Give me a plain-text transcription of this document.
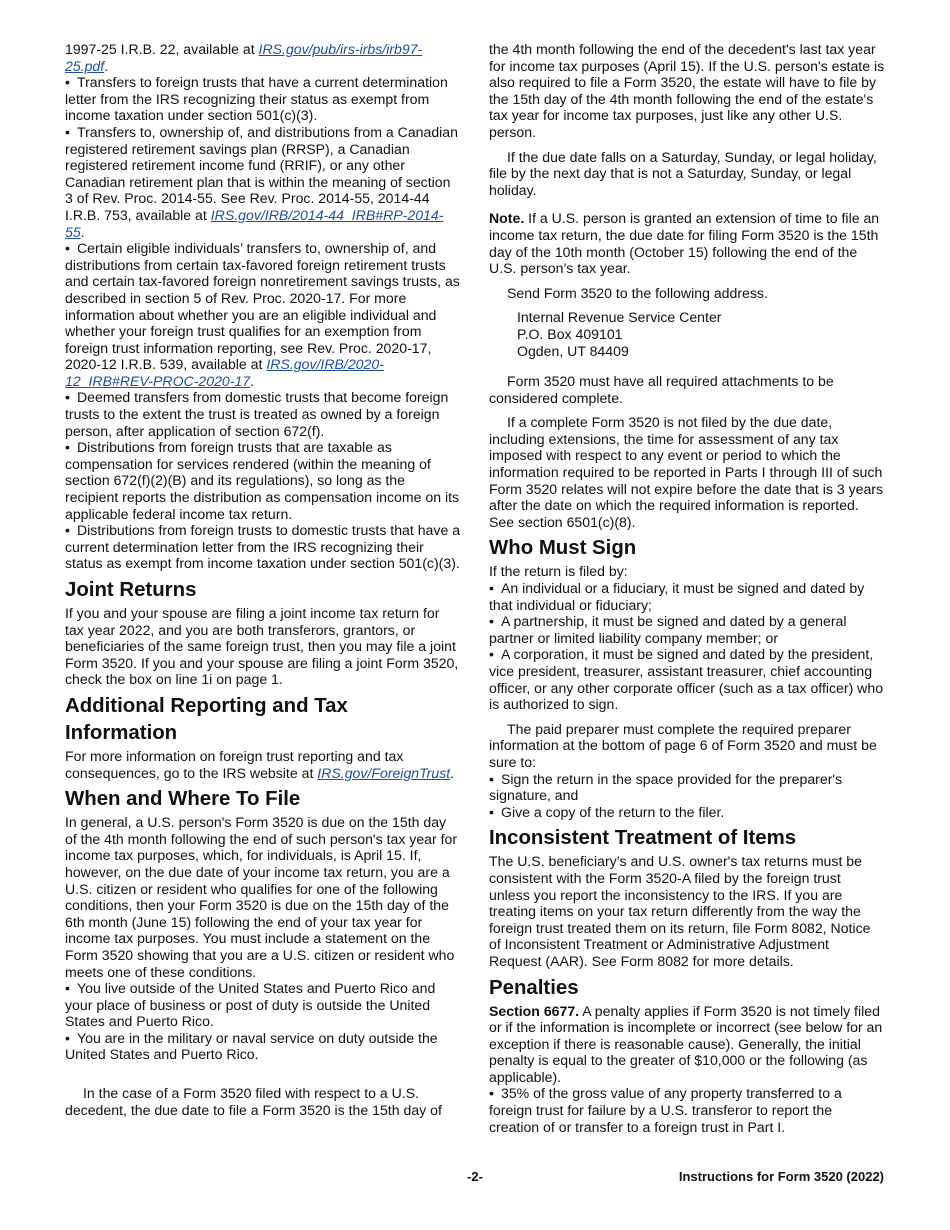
1997-25 I.R.B. 22, available at IRS.gov/pub/irs-irbs/irb97-25.pdf.

• Transfers to foreign trusts that have a current determination letter from the IRS recognizing their status as exempt from income taxation under section 501(c)(3).

• Transfers to, ownership of, and distributions from a Canadian registered retirement savings plan (RRSP), a Canadian registered retirement income fund (RRIF), or any other Canadian retirement plan that is within the meaning of section 3 of Rev. Proc. 2014-55. See Rev. Proc. 2014-55, 2014-44 I.R.B. 753, available at IRS.gov/IRB/2014-44_IRB#RP-2014-55.

• Certain eligible individuals’ transfers to, ownership of, and distributions from certain tax-favored foreign retirement trusts and certain tax-favored foreign nonretirement savings trusts, as described in section 5 of Rev. Proc. 2020-17. For more information about whether you are an eligible individual and whether your foreign trust qualifies for an exemption from foreign trust information reporting, see Rev. Proc. 2020-17, 2020-12 I.R.B. 539, available at IRS.gov/IRB/2020-12_IRB#REV-PROC-2020-17.

• Deemed transfers from domestic trusts that become foreign trusts to the extent the trust is treated as owned by a foreign person, after application of section 672(f).

• Distributions from foreign trusts that are taxable as compensation for services rendered (within the meaning of section 672(f)(2)(B) and its regulations), so long as the recipient reports the distribution as compensation income on its applicable federal income tax return.

• Distributions from foreign trusts to domestic trusts that have a current determination letter from the IRS recognizing their status as exempt from income taxation under section 501(c)(3).

Joint Returns

If you and your spouse are filing a joint income tax return for tax year 2022, and you are both transferors, grantors, or beneficiaries of the same foreign trust, then you may file a joint Form 3520. If you and your spouse are filing a joint Form 3520, check the box on line 1i on page 1.

Additional Reporting and Tax Information

For more information on foreign trust reporting and tax consequences, go to the IRS website at IRS.gov/ForeignTrust.

When and Where To File

In general, a U.S. person's Form 3520 is due on the 15th day of the 4th month following the end of such person's tax year for income tax purposes, which, for individuals, is April 15. If, however, on the due date of your income tax return, you are a U.S. citizen or resident who qualifies for one of the following conditions, then your Form 3520 is due on the 15th day of the 6th month (June 15) following the end of your tax year for income tax purposes. You must include a statement on the Form 3520 showing that you are a U.S. citizen or resident who meets one of these conditions.

• You live outside of the United States and Puerto Rico and your place of business or post of duty is outside the United States and Puerto Rico.

• You are in the military or naval service on duty outside the United States and Puerto Rico.

In the case of a Form 3520 filed with respect to a U.S. decedent, the due date to file a Form 3520 is the 15th day of

the 4th month following the end of the decedent's last tax year for income tax purposes (April 15). If the U.S. person's estate is also required to file a Form 3520, the estate will have to file by the 15th day of the 4th month following the end of the estate's tax year for income tax purposes, just like any other U.S. person.

If the due date falls on a Saturday, Sunday, or legal holiday, file by the next day that is not a Saturday, Sunday, or legal holiday.

Note. If a U.S. person is granted an extension of time to file an income tax return, the due date for filing Form 3520 is the 15th day of the 10th month (October 15) following the end of the U.S. person’s tax year.

Send Form 3520 to the following address.

Internal Revenue Service Center

P.O. Box 409101

Ogden, UT 84409

Form 3520 must have all required attachments to be considered complete.

If a complete Form 3520 is not filed by the due date, including extensions, the time for assessment of any tax imposed with respect to any event or period to which the information required to be reported in Parts I through III of such Form 3520 relates will not expire before the date that is 3 years after the date on which the required information is reported. See section 6501(c)(8).

Who Must Sign

If the return is filed by:

• An individual or a fiduciary, it must be signed and dated by that individual or fiduciary;

• A partnership, it must be signed and dated by a general partner or limited liability company member; or

• A corporation, it must be signed and dated by the president, vice president, treasurer, assistant treasurer, chief accounting officer, or any other corporate officer (such as a tax officer) who is authorized to sign.

The paid preparer must complete the required preparer information at the bottom of page 6 of Form 3520 and must be sure to:

• Sign the return in the space provided for the preparer's signature, and

• Give a copy of the return to the filer.

Inconsistent Treatment of Items

The U.S. beneficiary’s and U.S. owner's tax returns must be consistent with the Form 3520-A filed by the foreign trust unless you report the inconsistency to the IRS. If you are treating items on your tax return differently from the way the foreign trust treated them on its return, file Form 8082, Notice of Inconsistent Treatment or Administrative Adjustment Request (AAR). See Form 8082 for more details.

Penalties

Section 6677. A penalty applies if Form 3520 is not timely filed or if the information is incomplete or incorrect (see below for an exception if there is reasonable cause). Generally, the initial penalty is equal to the greater of $10,000 or the following (as applicable).

• 35% of the gross value of any property transferred to a foreign trust for failure by a U.S. transferor to report the creation of or transfer to a foreign trust in Part I.

-2-	Instructions for Form 3520 (2022)
